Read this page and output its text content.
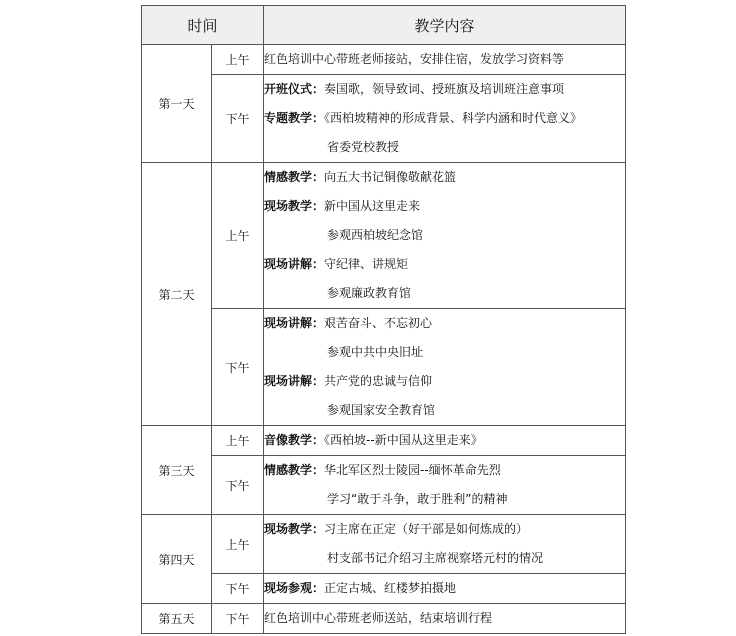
时间		教学内容
第一天	上午	红色培训中心带班老师接站，安排住宿，发放学习资料等

	下午	开班仪式：奏国歌，领导致词、授班旗及培训班注意事项
专题教学：《西柏坡精神的形成背景、科学内涵和时代意义》
省委党校教授

第二天	上午	情感教学：向五大书记铜像敬献花篮
现场教学：新中国从这里走来
参观西柏坡纪念馆
现场讲解：守纪律、讲规矩
参观廉政教育馆

	下午	现场讲解：艰苦奋斗、不忘初心
参观中共中央旧址
现场讲解：共产党的忠诚与信仰
参观国家安全教育馆

第三天	上午	音像教学：《西柏坡--新中国从这里走来》

	下午	情感教学：华北军区烈士陵园--缅怀革命先烈
学习“敢于斗争，敢于胜利”的精神

第四天	上午	现场教学：习主席在正定（好干部是如何炼成的）
村支部书记介绍习主席视察塔元村的情况

	下午	现场参观：正定古城、红楼梦拍摄地

第五天	下午	红色培训中心带班老师送站，结束培训行程
